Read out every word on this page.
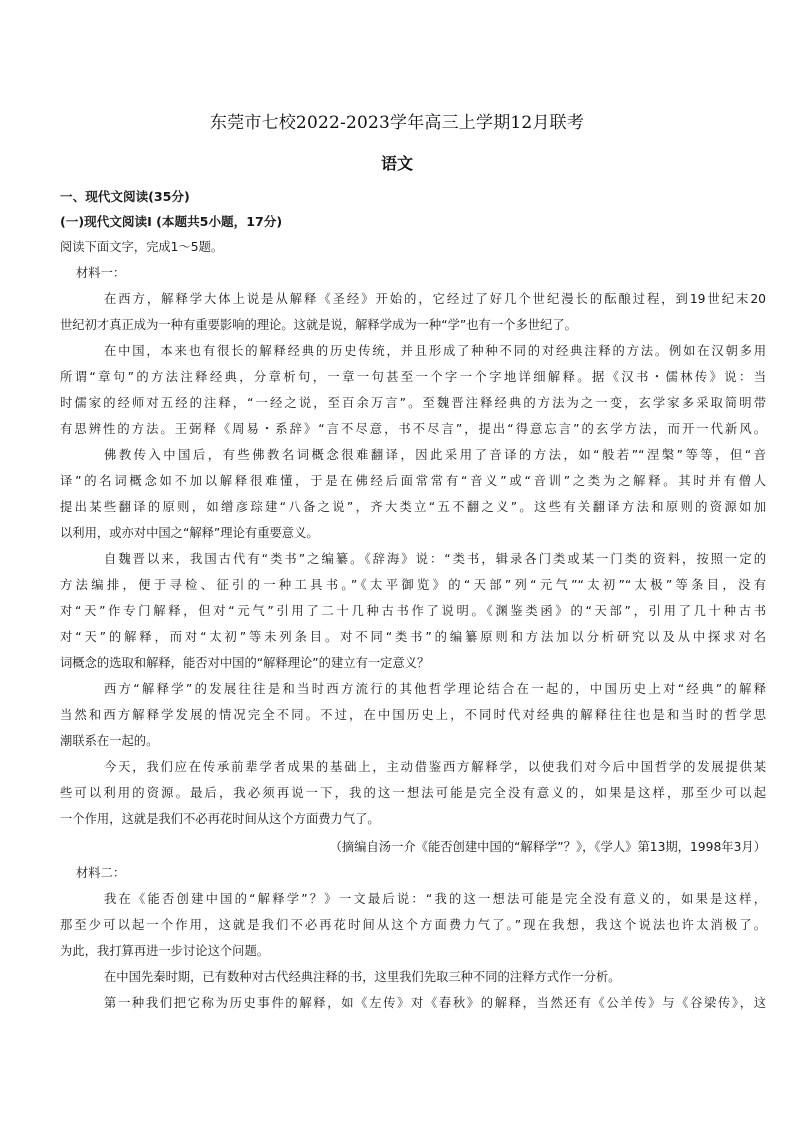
东莞市七校2022-2023学年高三上学期12月联考
语文
一、现代文阅读(35分)
(一)现代文阅读Ⅰ (本题共5小题，17分)
阅读下面文字，完成1～5题。
材料一：
在西方，解释学大体上说是从解释《圣经》开始的，它经过了好几个世纪漫长的酝酿过程，到19世纪末20
世纪初才真正成为一种有重要影响的理论。这就是说，解释学成为一种“学”也有一个多世纪了。
在中国，本来也有很长的解释经典的历史传统，并且形成了种种不同的对经典注释的方法。例如在汉朝多用
所谓“章句”的方法注释经典，分章析句，一章一句甚至一个字一个字地详细解释。据《汉书・儒林传》说：当
时儒家的经师对五经的注释，“一经之说，至百余万言”。至魏晋注释经典的方法为之一变，玄学家多采取简明带
有思辨性的方法。王弼释《周易・系辞》“言不尽意，书不尽言”，提出“得意忘言”的玄学方法，而开一代新风。
佛教传入中国后，有些佛教名词概念很难翻译，因此采用了音译的方法，如“般若”“涅槃”等等，但“音
译”的名词概念如不加以解释很难懂，于是在佛经后面常常有“音义”或“音训”之类为之解释。其时并有僧人
提出某些翻译的原则，如缯彦琮建“八备之说”，齐大类立“五不翻之义”。这些有关翻译方法和原则的资源如加
以利用，或亦对中国之“解释”理论有重要意义。
自魏晋以来，我国古代有“类书”之编纂。《辞海》说：“类书，辑录各门类或某一门类的资料，按照一定的
方法编排，便于寻检、征引的一种工具书。”《太平御览》的“天部”列“元气”“太初”“太极”等条目，没有
对“天”作专门解释，但对“元气”引用了二十几种古书作了说明。《渊鉴类函》的“天部”，引用了几十种古书
对“天”的解释，而对“太初”等未列条目。对不同“类书”的编纂原则和方法加以分析研究以及从中探求对名
词概念的选取和解释，能否对中国的“解释理论”的建立有一定意义？
西方“解释学”的发展往往是和当时西方流行的其他哲学理论结合在一起的，中国历史上对“经典”的解释
当然和西方解释学发展的情况完全不同。不过，在中国历史上，不同时代对经典的解释往往也是和当时的哲学思
潮联系在一起的。
今天，我们应在传承前辈学者成果的基础上，主动借鉴西方解释学，以使我们对今后中国哲学的发展提供某
些可以利用的资源。最后，我必须再说一下，我的这一想法可能是完全没有意义的，如果是这样，那至少可以起
一个作用，这就是我们不必再花时间从这个方面费力气了。
（摘编自汤一介《能否创建中国的“解释学”？》，《学人》第13期，1998年3月）
材料二：
我在《能否创建中国的“解释学”？》一文最后说：“我的这一想法可能是完全没有意义的，如果是这样，
那至少可以起一个作用，这就是我们不必再花时间从这个方面费力气了。”现在我想，我这个说法也许太消极了。
为此，我打算再进一步讨论这个问题。
在中国先秦时期，已有数种对古代经典注释的书，这里我们先取三种不同的注释方式作一分析。
第一种我们把它称为历史事件的解释，如《左传》对《春秋》的解释，当然还有《公羊传》与《谷梁传》，这
